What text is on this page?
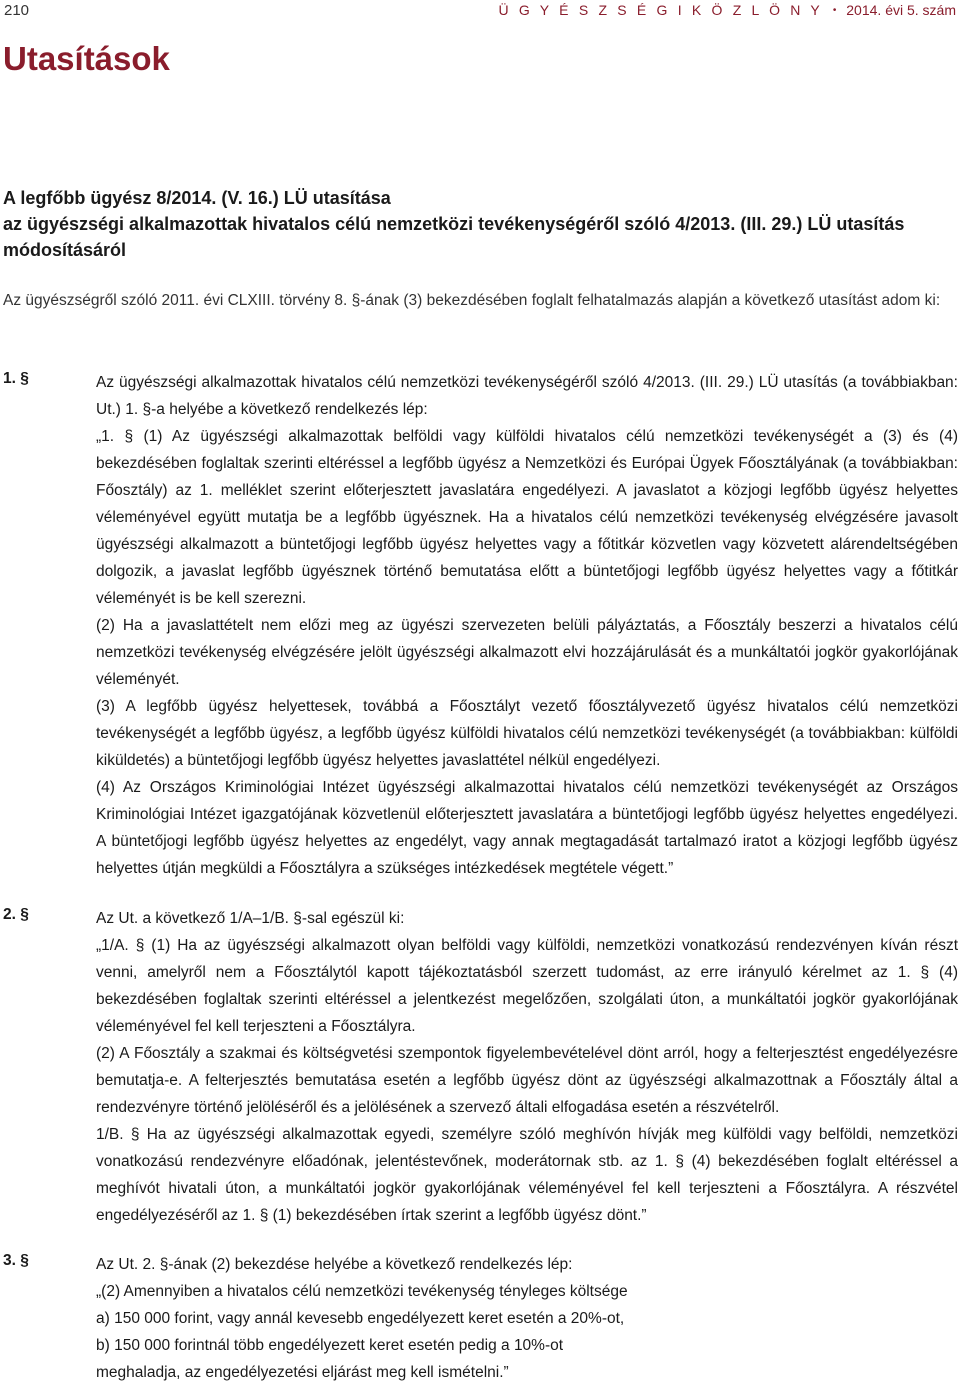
210	Ü G Y É S Z S É G I K Ö Z L Ö N Y • 2014. évi 5. szám
Utasítások
A legfőbb ügyész 8/2014. (V. 16.) LÜ utasítása
az ügyészségi alkalmazottak hivatalos célú nemzetközi tevékenységéről szóló 4/2013. (III. 29.) LÜ utasítás
módosításáról

Az ügyészségről szóló 2011. évi CLXIII. törvény 8. §-ának (3) bekezdésében foglalt felhatalmazás alapján a következő utasítást adom ki:

1. §	Az ügyészségi alkalmazottak hivatalos célú nemzetközi tevékenységéről szóló 4/2013. (III. 29.) LÜ utasítás (a továbbiakban: Ut.) 1. §-a helyébe a következő rendelkezés lép:

„1. § (1) Az ügyészségi alkalmazottak belföldi vagy külföldi hivatalos célú nemzetközi tevékenységét a (3) és (4) bekezdésében foglaltak szerinti eltéréssel a legfőbb ügyész a Nemzetközi és Európai Ügyek Főosztályának (a továbbiakban: Főosztály) az 1. melléklet szerint előterjesztett javaslatára engedélyezi. A javaslatot a közjogi legfőbb ügyész helyettes véleményével együtt mutatja be a legfőbb ügyésznek. Ha a hivatalos célú nemzetközi tevékenység elvégzésére javasolt ügyészségi alkalmazott a büntetőjogi legfőbb ügyész helyettes vagy a főtitkár közvetlen vagy közvetett alárendeltségében dolgozik, a javaslat legfőbb ügyésznek történő bemutatása előtt a büntetőjogi legfőbb ügyész helyettes vagy a főtitkár véleményét is be kell szerezni.

(2) Ha a javaslattételt nem előzi meg az ügyészi szervezeten belüli pályáztatás, a Főosztály beszerzi a hivatalos célú nemzetközi tevékenység elvégzésére jelölt ügyészségi alkalmazott elvi hozzájárulását és a munkáltatói jogkör gyakorlójának véleményét.

(3) A legfőbb ügyész helyettesek, továbbá a Főosztályt vezető főosztályvezető ügyész hivatalos célú nemzetközi tevékenységét a legfőbb ügyész, a legfőbb ügyész külföldi hivatalos célú nemzetközi tevékenységét (a továbbiakban: külföldi kiküldetés) a büntetőjogi legfőbb ügyész helyettes javaslattétel nélkül engedélyezi.

(4) Az Országos Kriminológiai Intézet ügyészségi alkalmazottai hivatalos célú nemzetközi tevékenységét az Országos Kriminológiai Intézet igazgatójának közvetlenül előterjesztett javaslatára a büntetőjogi legfőbb ügyész helyettes engedélyezi. A büntetőjogi legfőbb ügyész helyettes az engedélyt, vagy annak megtagadását tartalmazó iratot a közjogi legfőbb ügyész helyettes útján megküldi a Főosztályra a szükséges intézkedések megtétele végett.”

2. §	Az Ut. a következő 1/A–1/B. §-sal egészül ki:

„1/A. § (1) Ha az ügyészségi alkalmazott olyan belföldi vagy külföldi, nemzetközi vonatkozású rendezvényen kíván részt venni, amelyről nem a Főosztálytól kapott tájékoztatásból szerzett tudomást, az erre irányuló kérelmet az 1. § (4) bekezdésében foglaltak szerinti eltéréssel a jelentkezést megelőzően, szolgálati úton, a munkáltatói jogkör gyakorlójának véleményével fel kell terjeszteni a Főosztályra.

(2) A Főosztály a szakmai és költségvetési szempontok figyelembevételével dönt arról, hogy a felterjesztést engedélyezésre bemutatja-e. A felterjesztés bemutatása esetén a legfőbb ügyész dönt az ügyészségi alkalmazottnak a Főosztály által a rendezvényre történő jelöléséről és a jelölésének a szervező általi elfogadása esetén a részvételről.

1/B. § Ha az ügyészségi alkalmazottak egyedi, személyre szóló meghívón hívják meg külföldi vagy belföldi, nemzetközi vonatkozású rendezvényre előadónak, jelentéstevőnek, moderátornak stb. az 1. § (4) bekezdésében foglalt eltéréssel a meghívót hivatali úton, a munkáltatói jogkör gyakorlójának véleményével fel kell terjeszteni a Főosztályra. A részvétel engedélyezéséről az 1. § (1) bekezdésében írtak szerint a legfőbb ügyész dönt.”

3. §	Az Ut. 2. §-ának (2) bekezdése helyébe a következő rendelkezés lép:

„(2) Amennyiben a hivatalos célú nemzetközi tevékenység tényleges költsége

a) 150 000 forint, vagy annál kevesebb engedélyezett keret esetén a 20%-ot,

b) 150 000 forintnál több engedélyezett keret esetén pedig a 10%-ot

meghaladja, az engedélyezetési eljárást meg kell ismételni.”
